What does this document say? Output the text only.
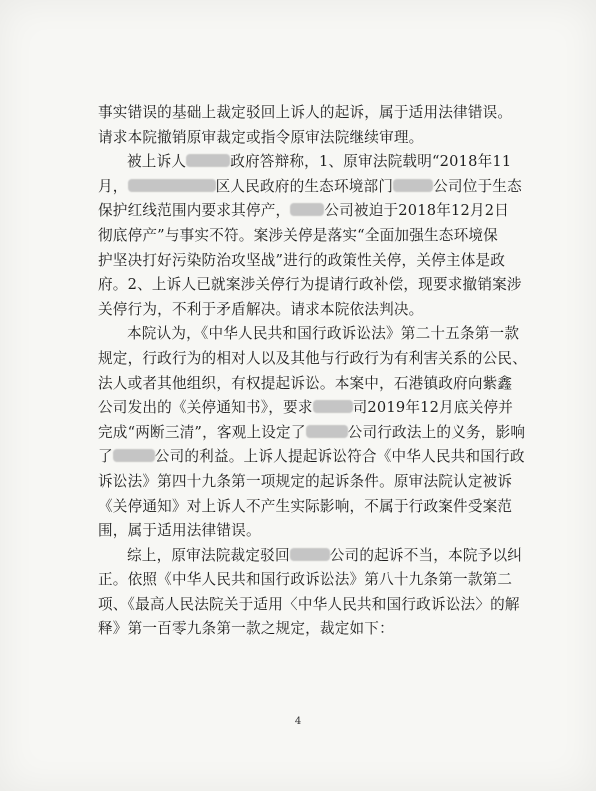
事实错误的基础上裁定驳回上诉人的起诉，属于适用法律错误。
请求本院撤销原审裁定或指令原审法院继续审理。

被上诉人	政府答辩称，1、原审法院载明“2018年11
月，	区人民政府的生态环境部门	公司位于生态
保护红线范围内要求其停产， 公司被迫于2018年12月2日
彻底停产”与事实不符。案涉关停是落实“全面加强生态环境保
护坚决打好污染防治攻坚战”进行的政策性关停，关停主体是政
府。2、上诉人已就案涉关停行为提请行政补偿，现要求撤销案涉
关停行为，不利于矛盾解决。请求本院依法判决。

本院认为，《中华人民共和国行政诉讼法》第二十五条第一款
规定，行政行为的相对人以及其他与行政行为有利害关系的公民、
法人或者其他组织，有权提起诉讼。本案中，石港镇政府向紫鑫
公司发出的《关停通知书》，要求	司2019年12月底关停并
完成“两断三清”，客观上设定了	公司行政法上的义务，影响
了	公司的利益。上诉人提起诉讼符合《中华人民共和国行政
诉讼法》第四十九条第一项规定的起诉条件。原审法院认定被诉
《关停通知》对上诉人不产生实际影响，不属于行政案件受案范
围，属于适用法律错误。

综上，原审法院裁定驳回	公司的起诉不当，本院予以纠
正。依照《中华人民共和国行政诉讼法》第八十九条第一款第二
项、《最高人民法院关于适用〈中华人民共和国行政诉讼法〉的解
释》第一百零九条第一款之规定，裁定如下：

4
